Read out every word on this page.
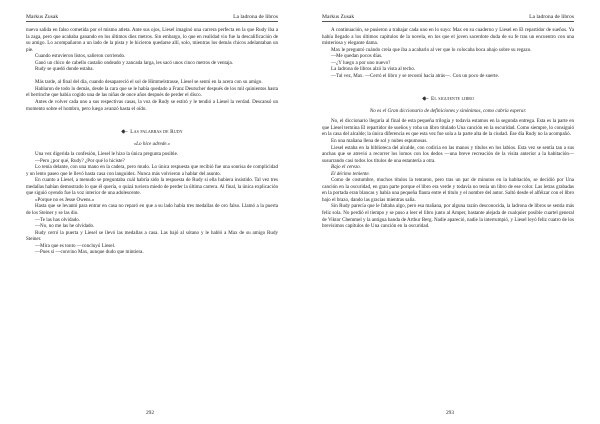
Markus Zusak	La ladrona de libros

nueva salida en falso cometida por el mismo atleta. Ante sus ojos, Liesel imaginó una carrera perfecta en la que Rudy iba a la zaga, pero que acababa ganando en los últimos diez metros. Sin embargo, lo que en realidad vio fue la descalificación de su amigo. Lo acompañaron a un lado de la pista y le hicieron quedarse allí, solo, mientras los demás chicos adelantaban un pie.

Cuando estuvieron listos, salieron corriendo.

Ganó un chico de cabello castaño ondeado y zancada larga, les sacó unos cinco metros de ventaja.

Rudy se quedó donde estaba.

Más tarde, al final del día, cuando desapareció el sol de Himmelstrasse, Liesel se sentó en la acera con su amigo.

Hablaron de todo lo demás, desde la cara que se le había quedado a Franz Deutscher después de los mil quinientos hasta el berrinche que había cogido una de las niñas de once años después de perder el disco.

Antes de volver cada uno a sus respectivas casas, la voz de Rudy se estiró y le tendió a Liesel la verdad. Descansó un momento sobre el hombro, pero luego avanzó hasta el oído.

Las palabras de Rudy
«Lo hice adrede.»

Una vez digerida la confesión, Liesel le hizo la única pregunta posible.

—Pero ¿por qué, Rudy? ¿Por qué lo hiciste?

Lo tenía delante, con una mano en la cadera, pero mudo. Lo única respuesta que recibió fue una sonrisa de complicidad y un lento paseo que le llevó hasta casa con languidez. Nunca más volvieron a hablar del asunto.

En cuanto a Liesel, a menudo se preguntaba cuál habría sido la respuesta de Rudy si ella hubiera insistido. Tal vez tres medallas habían demostrado lo que él quería, o quizá tuviera miedo de perder la última carrera. Al final, la única explicación que siguió oyendo fue la voz interior de una adolescente.

«Porque no es Jesse Owens.»

Hasta que se levantó para entrar en casa no reparó en que a su lado había tres medallas de oro falso. Llamó a la puerta de los Steiner y se las dio.

—Te las has olvidado.

—No, no me las he olvidado.

Rudy cerró la puerta y Liesel se llevó las medallas a casa. Las bajó al sótano y le habló a Max de su amigo Rudy Steiner.

—Mira que es tonto —concluyó Liesel.

—Pues sí —convino Max, aunque dudo que mintiera.

292
Markus Zusak	La ladrona de libros

A continuación, se pusieron a trabajar cada uno en lo suyo: Max en su cuaderno y Liesel en El repartidor de sueños. Ya había llegado a los últimos capítulos de la novela, en los que el joven sacerdote duda de su fe tras un encuentro con una misteriosa y elegante dama.

Max le preguntó cuándo creía que iba a acabarlo al ver que lo colocaba boca abajo sobre su regazo.

—Me quedan pocos días.

—¿Y luego a por uno nuevo?

La ladrona de libros alzó la vista al techo.

—Tal vez, Max. —Cerró el libro y se recostó hacia atrás—. Con un poco de suerte.

El siguiente libro
No es el Gran diccionario de definiciones y sinónimos, como cabría esperar.

No, el diccionario llegaría al final de esta pequeña trilogía y todavía estamos en la segunda entrega. Esta es la parte en que Liesel termina El repartidor de sueños y roba un libro titulado Una canción en la oscuridad. Como siempre, lo consiguió en la casa del alcalde; la única diferencia es que esta vez fue sola a la parte alta de la ciudad. Ese día Rudy no la acompañó.

En una mañana llena de sol y nubes espumosas.

Liesel estaba en la biblioteca del alcalde, con codicia en las manos y títulos en los labios. Esta vez se sentía tan a sus anchas que se atrevió a recorrer los lomos con los dedos —una breve recreación de la visita anterior a la habitación— susurrando casi todos los títulos de una estantería a otra.

Bajo el cerezo.

El décimo teniente.

Como de costumbre, muchos títulos la tentaron, pero tras un par de minutos en la habitación, se decidió por Una canción en la oscuridad, en gran parte porque el libro era verde y todavía no tenía un libro de ese color. Las letras grabadas en la portada eran blancas y había una pequeña flauta entre el título y el nombre del autor. Saltó desde el alféizar con el libro bajo el brazo, dando las gracias mientras salía.

Sin Rudy parecía que le faltaba algo, pero esa mañana, por alguna razón desconocida, la ladrona de libros se sentía más feliz sola. No perdió el tiempo y se puso a leer el libro junto al Amper, bastante alejada de cualquier posible cuartel general de Viktor Chemmel y la antigua banda de Arthur Berg. Nadie apareció, nadie la interrumpió, y Liesel leyó feliz cuatro de los brevísimos capítulos de Una canción en la oscuridad.

293
